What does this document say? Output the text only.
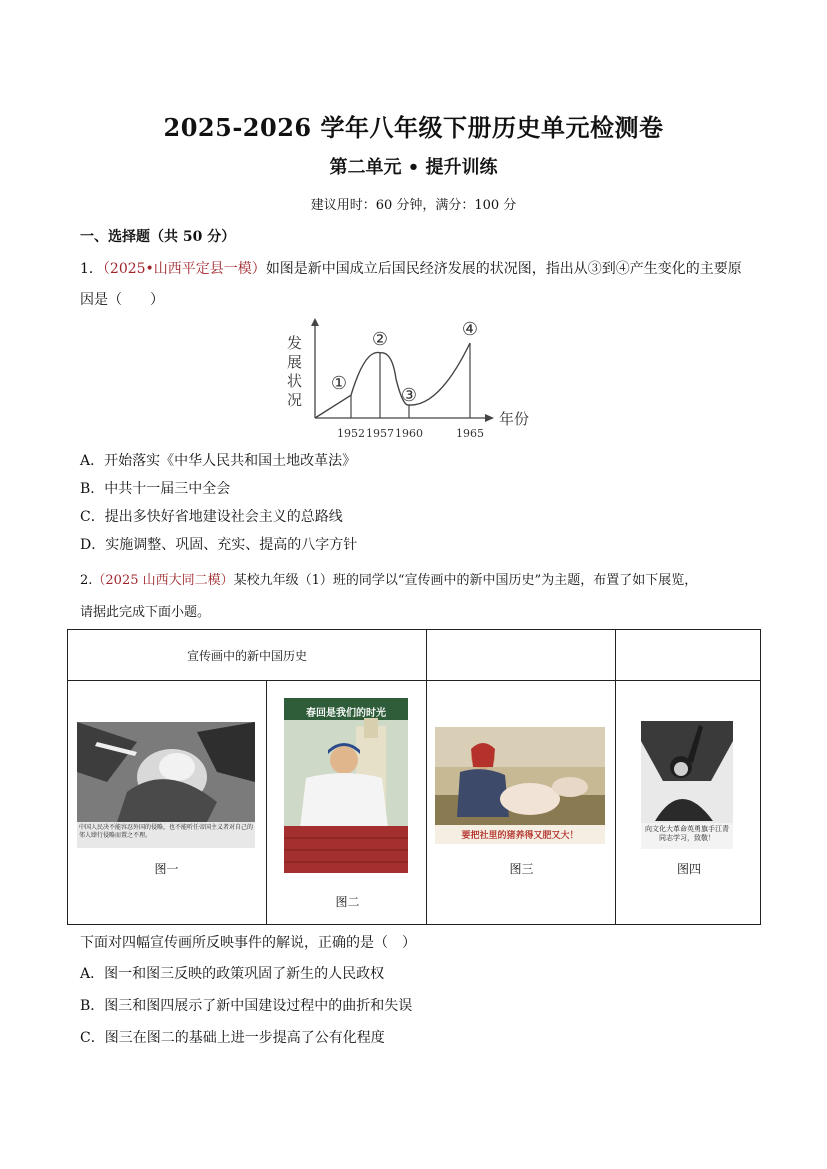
2025-2026 学年八年级下册历史单元检测卷
第二单元 • 提升训练
建议用时：60 分钟，满分：100 分
一、选择题（共 50 分）
1．（2025•山西平定县一模）如图是新中国成立后国民经济发展的状况图，指出从③到④产生变化的主要原
因是（　　）
发
展
状
况
年份
①
②
③
④
1952 1957 1960	1965
A．开始落实《中华人民共和国土地改革法》
B．中共十一届三中全会
C．提出多快好省地建设社会主义的总路线
D．实施调整、巩固、充实、提高的八字方针
2.（2025 山西大同二模）某校九年级（1）班的同学以“宣传画中的新中国历史”为主题，布置了如下展览，
请据此完成下面小题。
宣传画中的新中国历史			

中国人民决不能容忍外国的侵略，也不能听任帝国主义者对自己的邻人肆行侵略而置之不理。
图一
春回是我们的时光
图二
要把社里的猪养得又肥又大！
图三
向文化大革命英勇旗手江青同志学习，致敬！
图四
下面对四幅宣传画所反映事件的解说，正确的是（　）
A．图一和图三反映的政策巩固了新生的人民政权
B．图三和图四展示了新中国建设过程中的曲折和失误
C．图三在图二的基础上进一步提高了公有化程度
